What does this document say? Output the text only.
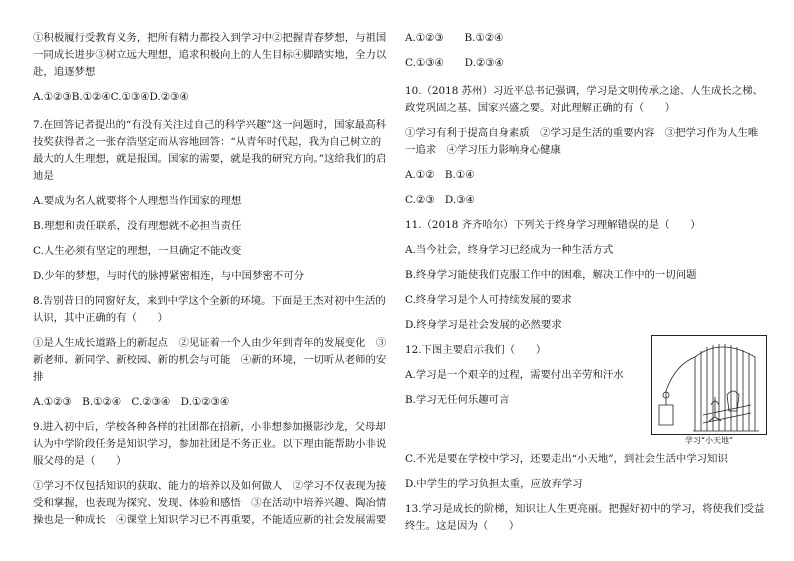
①积极履行受教育义务，把所有精力都投入到学习中②把握青春梦想，与祖国一同成长进步③树立远大理想，追求积极向上的人生目标④脚踏实地，全力以赴，追逐梦想

A.①②③B.①②④C.①③④D.②③④

7.在回答记者提出的“有没有关注过自己的科学兴趣”这一问题时，国家最高科技奖获得者之一张存浩坚定而从容地回答：“从青年时代起，我为自己树立的最大的人生理想，就是报国。国家的需要，就是我的研究方向。”这给我们的启迪是

A.要成为名人就要将个人理想当作国家的理想

B.理想和责任联系，没有理想就不必担当责任

C.人生必须有坚定的理想，一旦确定不能改变

D.少年的梦想，与时代的脉搏紧密相连，与中国梦密不可分

8.告别昔日的同窗好友，来到中学这个全新的环境。下面是王杰对初中生活的认识，其中正确的有（　　）

①是人生成长道路上的新起点　②见证着一个人由少年到青年的发展变化　③新老师、新同学、新校园、新的机会与可能　④新的环境，一切听从老师的安排

A.①②③　B.①②④　C.②③④　D.①②③④

9.进入初中后，学校各种各样的社团都在招新，小非想参加摄影沙龙，父母却认为中学阶段任务是知识学习，参加社团是不务正业。以下理由能帮助小非说服父母的是（　　）

①学习不仅包括知识的获取、能力的培养以及如何做人　②学习不仅表现为接受和掌握，也表现为探究、发现、体验和感悟　③在活动中培养兴趣、陶冶情操也是一种成长　④课堂上知识学习已不再重要，不能适应新的社会发展需要

A.①②③　　B.①②④

C.①③④　　D.②③④

10.（2018 苏州）习近平总书记强调，学习是文明传承之途、人生成长之梯、政党巩固之基、国家兴盛之要。对此理解正确的有（　　）

①学习有利于提高自身素质　②学习是生活的重要内容　③把学习作为人生唯一追求　④学习压力影响身心健康

A.①②　B.①④

C.②③　D.③④

11.（2018 齐齐哈尔）下列关于终身学习理解错误的是（　　）

A.当今社会，终身学习已经成为一种生活方式

B.终身学习能使我们克服工作中的困难，解决工作中的一切问题

C.终身学习是个人可持续发展的要求

D.终身学习是社会发展的必然要求

12.下图主要启示我们（　　）

A.学习是一个艰辛的过程，需要付出辛劳和汗水

B.学习无任何乐趣可言

C.不光是要在学校中学习，还要走出“小天地”，到社会生活中学习知识

D.中学生的学习负担太重，应放弃学习

13.学习是成长的阶梯，知识让人生更亮丽。把握好初中的学习，将使我们受益终生。这是因为（　　）

学习“小天地”
